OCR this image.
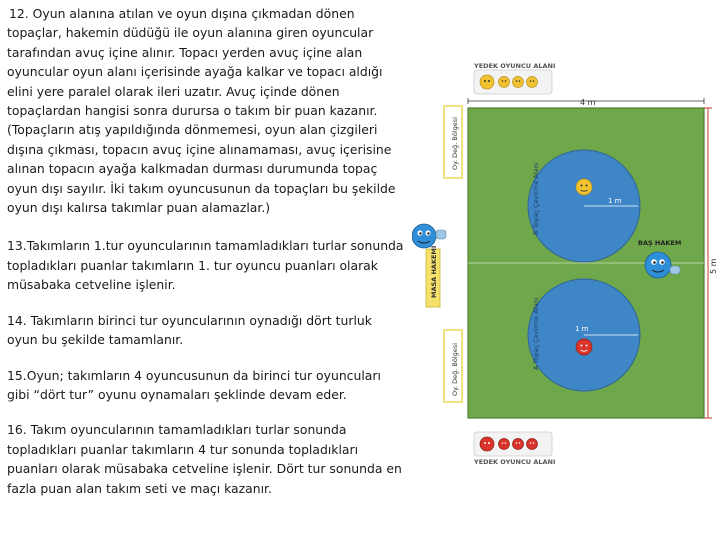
12. Oyun alanına atılan ve oyun dışına çıkmadan dönen topaçlar, hakemin düdüğü ile oyun alanına giren oyuncular tarafından avuç içine alınır. Topacı yerden avuç içine alan oyuncular oyun alanı içerisinde ayağa kalkar ve topacı aldığı elini yere paralel olarak ileri uzatır. Avuç içinde dönen topaçlardan hangisi sonra durursa o takım bir puan kazanır.(Topaçların atış yapıldığında dönmemesi, oyun alan çizgileri dışına çıkması, topacın avuç içine alınamaması, avuç içerisine alınan topacın ayağa kalkmadan durması durumunda topaç oyun dışı sayılır. İki takım oyuncusunun da topaçları bu şekilde oyun dışı kalırsa takımlar puan alamazlar.)

13.Takımların 1.tur oyuncularının tamamladıkları turlar sonunda topladıkları puanlar takımların 1. tur oyuncu puanları olarak müsabaka cetveline işlenir.

14. Takımların birinci tur oyuncularının oynadığı dört turluk oyun bu şekilde tamamlanır.

15.Oyun; takımların 4 oyuncusunun da birinci tur oyuncuları gibi “dört tur” oyunu oynamaları şeklinde devam eder.

16. Takım oyuncularının tamamladıkları turlar sonunda topladıkları puanlar takımların 4 tur sonunda topladıkları puanları olarak müsabaka cetveline işlenir. Dört tur sonunda en fazla puan alan takım seti ve maçı kazanır.

YEDEK OYUNCU ALANI
4 m
Oy. Değ. Bölgesi
Oy. Değ. Bölgesi
MASA HAKEMİ
1 m
B Topaç Çevirme Alanı
1 m
A Topaç Çevirme Alanı
BAŞ HAKEM
5 m
YEDEK OYUNCU ALANI
